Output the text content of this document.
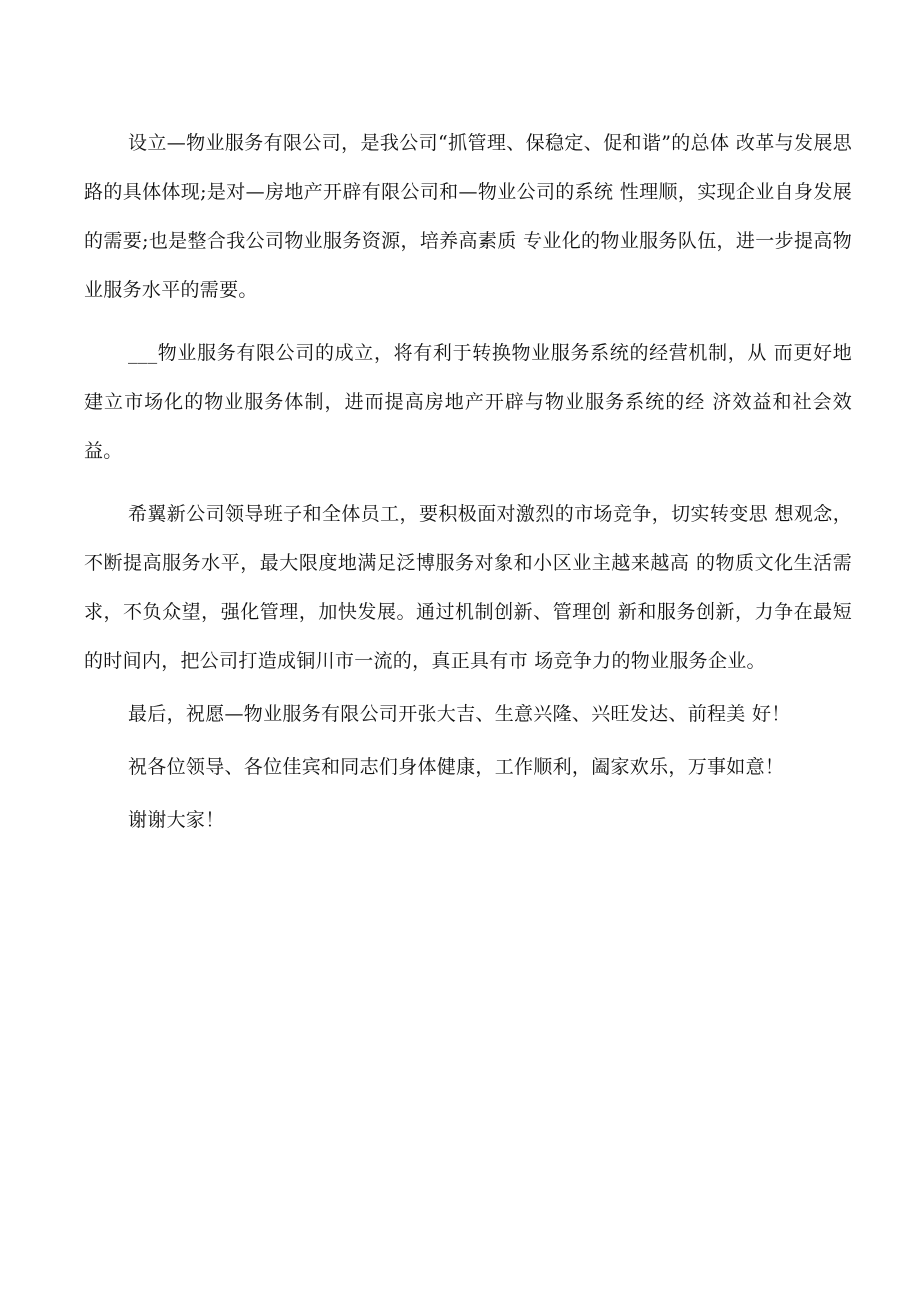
设立—物业服务有限公司，是我公司“抓管理、保稳定、促和谐”的总体 改革与发展思路的具体体现;是对—房地产开辟有限公司和—物业公司的系统 性理顺，实现企业自身发展的需要;也是整合我公司物业服务资源，培养高素质 专业化的物业服务队伍，进一步提高物业服务水平的需要。

___物业服务有限公司的成立，将有利于转换物业服务系统的经营机制，从 而更好地建立市场化的物业服务体制，进而提高房地产开辟与物业服务系统的经 济效益和社会效益。

希翼新公司领导班子和全体员工，要积极面对激烈的市场竞争，切实转变思 想观念，不断提高服务水平，最大限度地满足泛博服务对象和小区业主越来越高 的物质文化生活需求，不负众望，强化管理，加快发展。通过机制创新、管理创 新和服务创新，力争在最短的时间内，把公司打造成铜川市一流的，真正具有市 场竞争力的物业服务企业。

最后，祝愿—物业服务有限公司开张大吉、生意兴隆、兴旺发达、前程美 好！

祝各位领导、各位佳宾和同志们身体健康，工作顺利，阖家欢乐，万事如意！

谢谢大家！
